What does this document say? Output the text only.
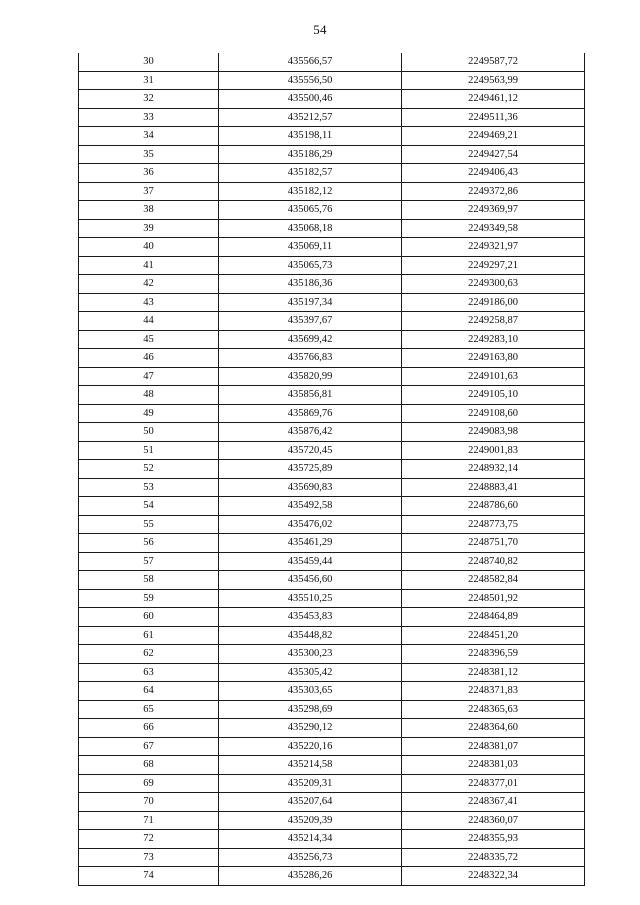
54
30	435566,57	2249587,72
31	435556,50	2249563,99
32	435500,46	2249461,12
33	435212,57	2249511,36
34	435198,11	2249469,21
35	435186,29	2249427,54
36	435182,57	2249406,43
37	435182,12	2249372,86
38	435065,76	2249369,97
39	435068,18	2249349,58
40	435069,11	2249321,97
41	435065,73	2249297,21
42	435186,36	2249300,63
43	435197,34	2249186,00
44	435397,67	2249258,87
45	435699,42	2249283,10
46	435766,83	2249163,80
47	435820,99	2249101,63
48	435856,81	2249105,10
49	435869,76	2249108,60
50	435876,42	2249083,98
51	435720,45	2249001,83
52	435725,89	2248932,14
53	435690,83	2248883,41
54	435492,58	2248786,60
55	435476,02	2248773,75
56	435461,29	2248751,70
57	435459,44	2248740,82
58	435456,60	2248582,84
59	435510,25	2248501,92
60	435453,83	2248464,89
61	435448,82	2248451,20
62	435300,23	2248396,59
63	435305,42	2248381,12
64	435303,65	2248371,83
65	435298,69	2248365,63
66	435290,12	2248364,60
67	435220,16	2248381,07
68	435214,58	2248381,03
69	435209,31	2248377,01
70	435207,64	2248367,41
71	435209,39	2248360,07
72	435214,34	2248355,93
73	435256,73	2248335,72
74	435286,26	2248322,34
